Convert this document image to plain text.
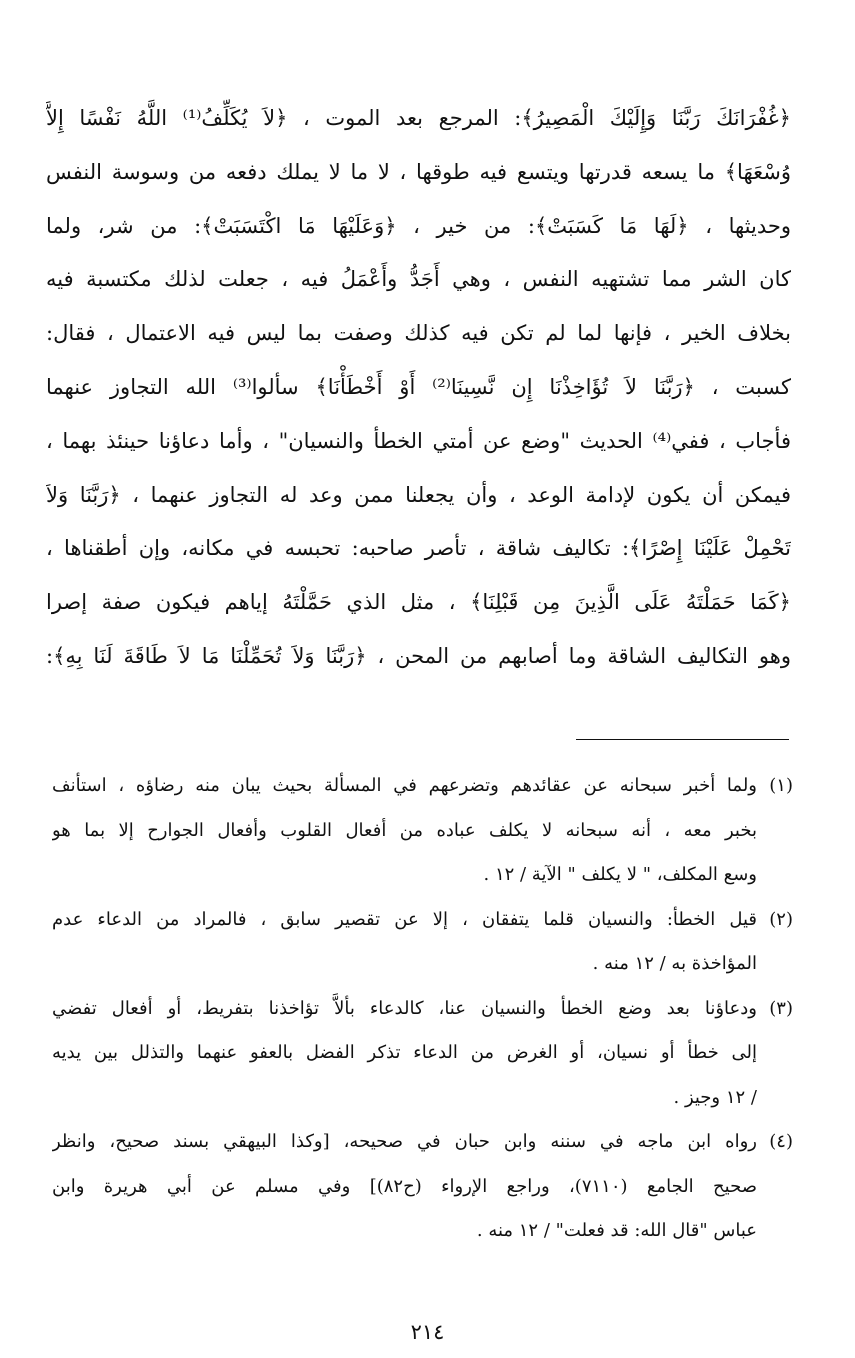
﴿غُفْرَانَكَ رَبَّنَا وَإِلَيْكَ الْمَصِيرُ﴾: المرجع بعد الموت ، ﴿لاَ يُكَلِّفُ⁽¹⁾ اللَّهُ نَفْسًا إِلاَّ
وُسْعَهَا﴾ ما يسعه قدرتها ويتسع فيه طوقها ، لا ما لا يملك دفعه من وسوسة النفس
وحديثها ، ﴿لَهَا مَا كَسَبَتْ﴾: من خير ، ﴿وَعَلَيْهَا مَا اكْتَسَبَتْ﴾: من شر، ولما
كان الشر مما تشتهيه النفس ، وهي أَجَدُّ وأَعْمَلُ فيه ، جعلت لذلك مكتسبة فيه
بخلاف الخير ، فإنها لما لم تكن فيه كذلك وصفت بما ليس فيه الاعتمال ، فقال:
كسبت ، ﴿رَبَّنَا لاَ تُؤَاخِذْنَا إِن نَّسِينَا⁽²⁾ أَوْ أَخْطَأْنَا﴾ سألوا⁽³⁾ الله التجاوز عنهما
فأجاب ، ففي⁽⁴⁾ الحديث "وضع عن أمتي الخطأ والنسيان" ، وأما دعاؤنا حينئذ بهما ،
فيمكن أن يكون لإدامة الوعد ، وأن يجعلنا ممن وعد له التجاوز عنهما ، ﴿رَبَّنَا وَلاَ
تَحْمِلْ عَلَيْنَا إِصْرًا﴾: تكاليف شاقة ، تأصر صاحبه: تحبسه في مكانه، وإن أطقناها ،
﴿كَمَا حَمَلْتَهُ عَلَى الَّذِينَ مِن قَبْلِنَا﴾ ، مثل الذي حَمَّلْتَهُ إياهم فيكون صفة إصرا
وهو التكاليف الشاقة وما أصابهم من المحن ، ﴿رَبَّنَا وَلاَ تُحَمِّلْنَا مَا لاَ طَاقَةَ لَنَا بِهِ﴾:
(١)
ولما أخبر سبحانه عن عقائدهم وتضرعهم في المسألة بحيث يبان منه رضاؤه ، استأنف
بخبر معه ، أنه سبحانه لا يكلف عباده من أفعال القلوب وأفعال الجوارح إلا بما هو
وسع المكلف، " لا يكلف " الآية / ١٢ .
(٢)
قيل الخطأ: والنسيان قلما يتفقان ، إلا عن تقصير سابق ، فالمراد من الدعاء عدم
المؤاخذة به / ١٢ منه .
(٣)
ودعاؤنا بعد وضع الخطأ والنسيان عنا، كالدعاء بألاَّ تؤاخذنا بتفريط، أو أفعال تفضي
إلى خطأ أو نسيان، أو الغرض من الدعاء تذكر الفضل بالعفو عنهما والتذلل بين يديه
/ ١٢ وجيز .
(٤)
رواه ابن ماجه في سننه وابن حبان في صحيحه، [وكذا البيهقي بسند صحيح، وانظر
صحيح الجامع (٧١١٠)، وراجع الإرواء (ح٨٢)] وفي مسلم عن أبي هريرة وابن
عباس "قال الله: قد فعلت" / ١٢ منه .
٢١٤
